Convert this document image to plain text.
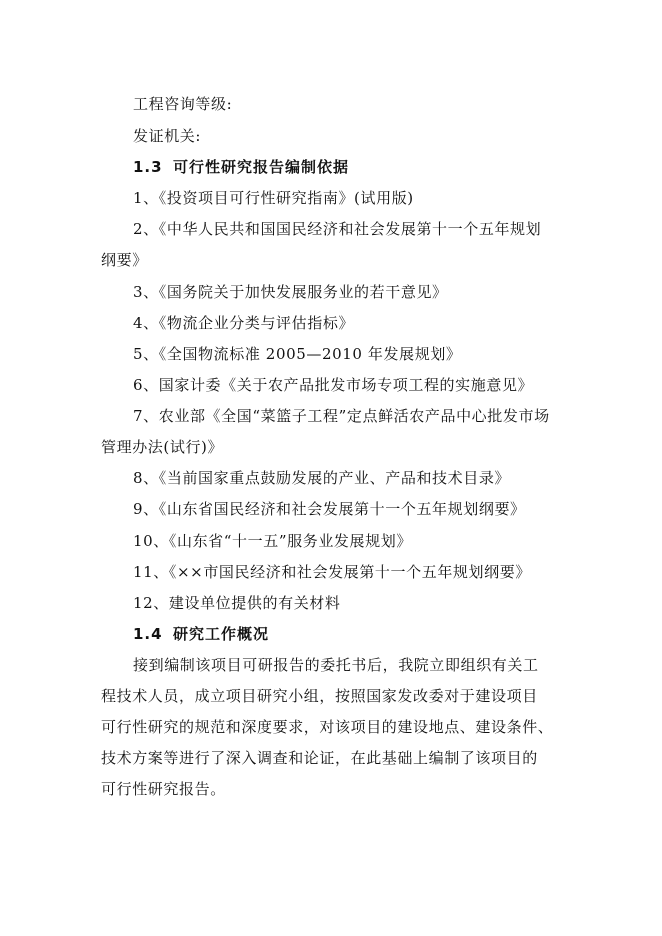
工程咨询等级:
发证机关:
1.3 可行性研究报告编制依据
1、《投资项目可行性研究指南》(试用版)
2、《中华人民共和国国民经济和社会发展第十一个五年规划
纲要》
3、《国务院关于加快发展服务业的若干意见》
4、《物流企业分类与评估指标》
5、《全国物流标准 2005—2010 年发展规划》
6、国家计委《关于农产品批发市场专项工程的实施意见》
7、农业部《全国“菜篮子工程”定点鲜活农产品中心批发市场
管理办法(试行)》
8、《当前国家重点鼓励发展的产业、产品和技术目录》
9、《山东省国民经济和社会发展第十一个五年规划纲要》
10、《山东省“十一五”服务业发展规划》
11、《××市国民经济和社会发展第十一个五年规划纲要》
12、建设单位提供的有关材料
1.4 研究工作概况
接到编制该项目可研报告的委托书后，我院立即组织有关工
程技术人员，成立项目研究小组，按照国家发改委对于建设项目
可行性研究的规范和深度要求，对该项目的建设地点、建设条件、
技术方案等进行了深入调查和论证，在此基础上编制了该项目的
可行性研究报告。
